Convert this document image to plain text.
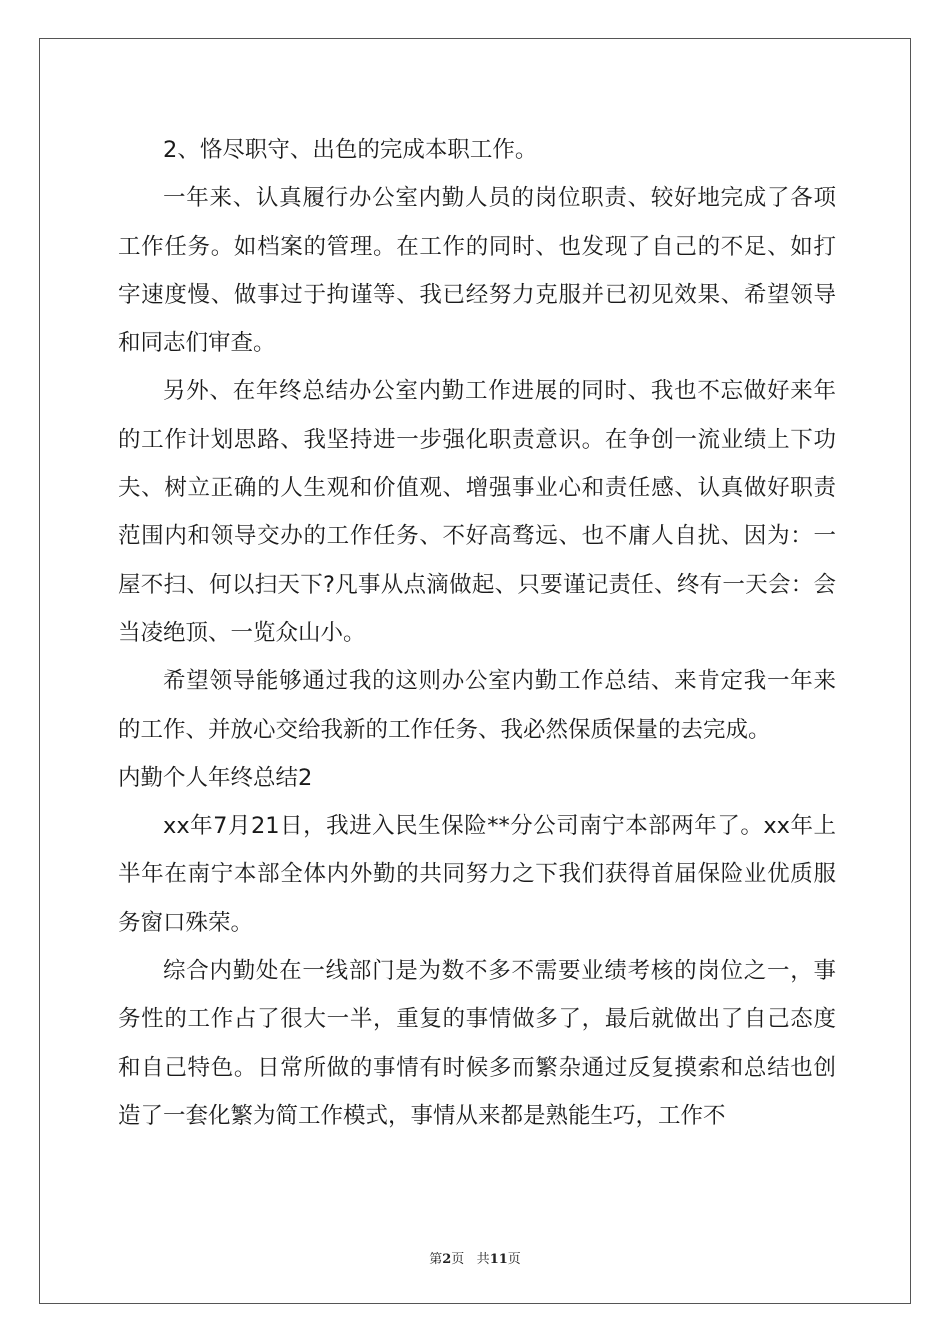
2、恪尽职守、出色的完成本职工作。

一年来、认真履行办公室内勤人员的岗位职责、较好地完成了各项工作任务。如档案的管理。在工作的同时、也发现了自己的不足、如打字速度慢、做事过于拘谨等、我已经努力克服并已初见效果、希望领导和同志们审查。

另外、在年终总结办公室内勤工作进展的同时、我也不忘做好来年的工作计划思路、我坚持进一步强化职责意识。在争创一流业绩上下功夫、树立正确的人生观和价值观、增强事业心和责任感、认真做好职责范围内和领导交办的工作任务、不好高骛远、也不庸人自扰、因为：一屋不扫、何以扫天下?凡事从点滴做起、只要谨记责任、终有一天会：会当凌绝顶、一览众山小。

希望领导能够通过我的这则办公室内勤工作总结、来肯定我一年来的工作、并放心交给我新的工作任务、我必然保质保量的去完成。

内勤个人年终总结2

xx年7月21日，我进入民生保险**分公司南宁本部两年了。xx年上半年在南宁本部全体内外勤的共同努力之下我们获得首届保险业优质服务窗口殊荣。

综合内勤处在一线部门是为数不多不需要业绩考核的岗位之一，事务性的工作占了很大一半，重复的事情做多了，最后就做出了自己态度和自己特色。日常所做的事情有时候多而繁杂通过反复摸索和总结也创造了一套化繁为简工作模式，事情从来都是熟能生巧，工作不

第2页 共11页
